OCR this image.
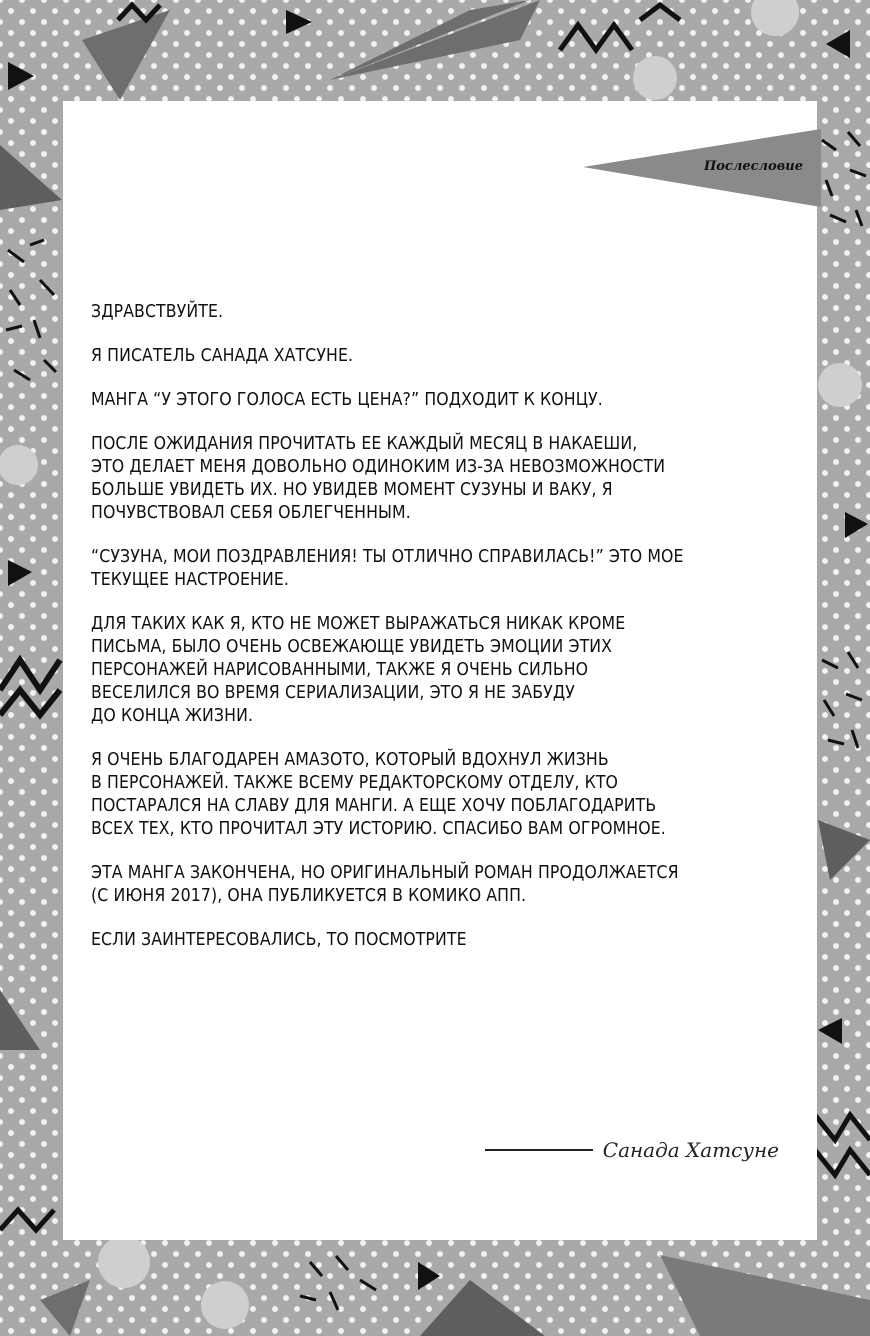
Послесловие

ЗДРАВСТВУЙТЕ.

Я ПИСАТЕЛЬ САНАДА ХАТСУНЕ.

МАНГА “У ЭТОГО ГОЛОСА ЕСТЬ ЦЕНА?” ПОДХОДИТ К КОНЦУ.

ПОСЛЕ ОЖИДАНИЯ ПРОЧИТАТЬ ЕЕ КАЖДЫЙ МЕСЯЦ В НАКАЕШИ,
ЭТО ДЕЛАЕТ МЕНЯ ДОВОЛЬНО ОДИНОКИМ ИЗ-ЗА НЕВОЗМОЖНОСТИ
БОЛЬШЕ УВИДЕТЬ ИХ. НО УВИДЕВ МОМЕНТ СУЗУНЫ И ВАКУ, Я
ПОЧУВСТВОВАЛ СЕБЯ ОБЛЕГЧЕННЫМ.

“СУЗУНА, МОИ ПОЗДРАВЛЕНИЯ! ТЫ ОТЛИЧНО СПРАВИЛАСЬ!” ЭТО МОЕ
ТЕКУЩЕЕ НАСТРОЕНИЕ.

ДЛЯ ТАКИХ КАК Я, КТО НЕ МОЖЕТ ВЫРАЖАТЬСЯ НИКАК КРОМЕ
ПИСЬМА, БЫЛО ОЧЕНЬ ОСВЕЖАЮЩЕ УВИДЕТЬ ЭМОЦИИ ЭТИХ
ПЕРСОНАЖЕЙ НАРИСОВАННЫМИ, ТАКЖЕ Я ОЧЕНЬ СИЛЬНО
ВЕСЕЛИЛСЯ ВО ВРЕМЯ СЕРИАЛИЗАЦИИ, ЭТО Я НЕ ЗАБУДУ
ДО КОНЦА ЖИЗНИ.

Я ОЧЕНЬ БЛАГОДАРЕН АМАЗОТО, КОТОРЫЙ ВДОХНУЛ ЖИЗНЬ
В ПЕРСОНАЖЕЙ. ТАКЖЕ ВСЕМУ РЕДАКТОРСКОМУ ОТДЕЛУ, КТО
ПОСТАРАЛСЯ НА СЛАВУ ДЛЯ МАНГИ. А ЕЩЕ ХОЧУ ПОБЛАГОДАРИТЬ
ВСЕХ ТЕХ, КТО ПРОЧИТАЛ ЭТУ ИСТОРИЮ. СПАСИБО ВАМ ОГРОМНОЕ.

ЭТА МАНГА ЗАКОНЧЕНА, НО ОРИГИНАЛЬНЫЙ РОМАН ПРОДОЛЖАЕТСЯ
(С ИЮНЯ 2017), ОНА ПУБЛИКУЕТСЯ В КОМИКО АПП.

ЕСЛИ ЗАИНТЕРЕСОВАЛИСЬ, ТО ПОСМОТРИТЕ

Санада Хатсуне
